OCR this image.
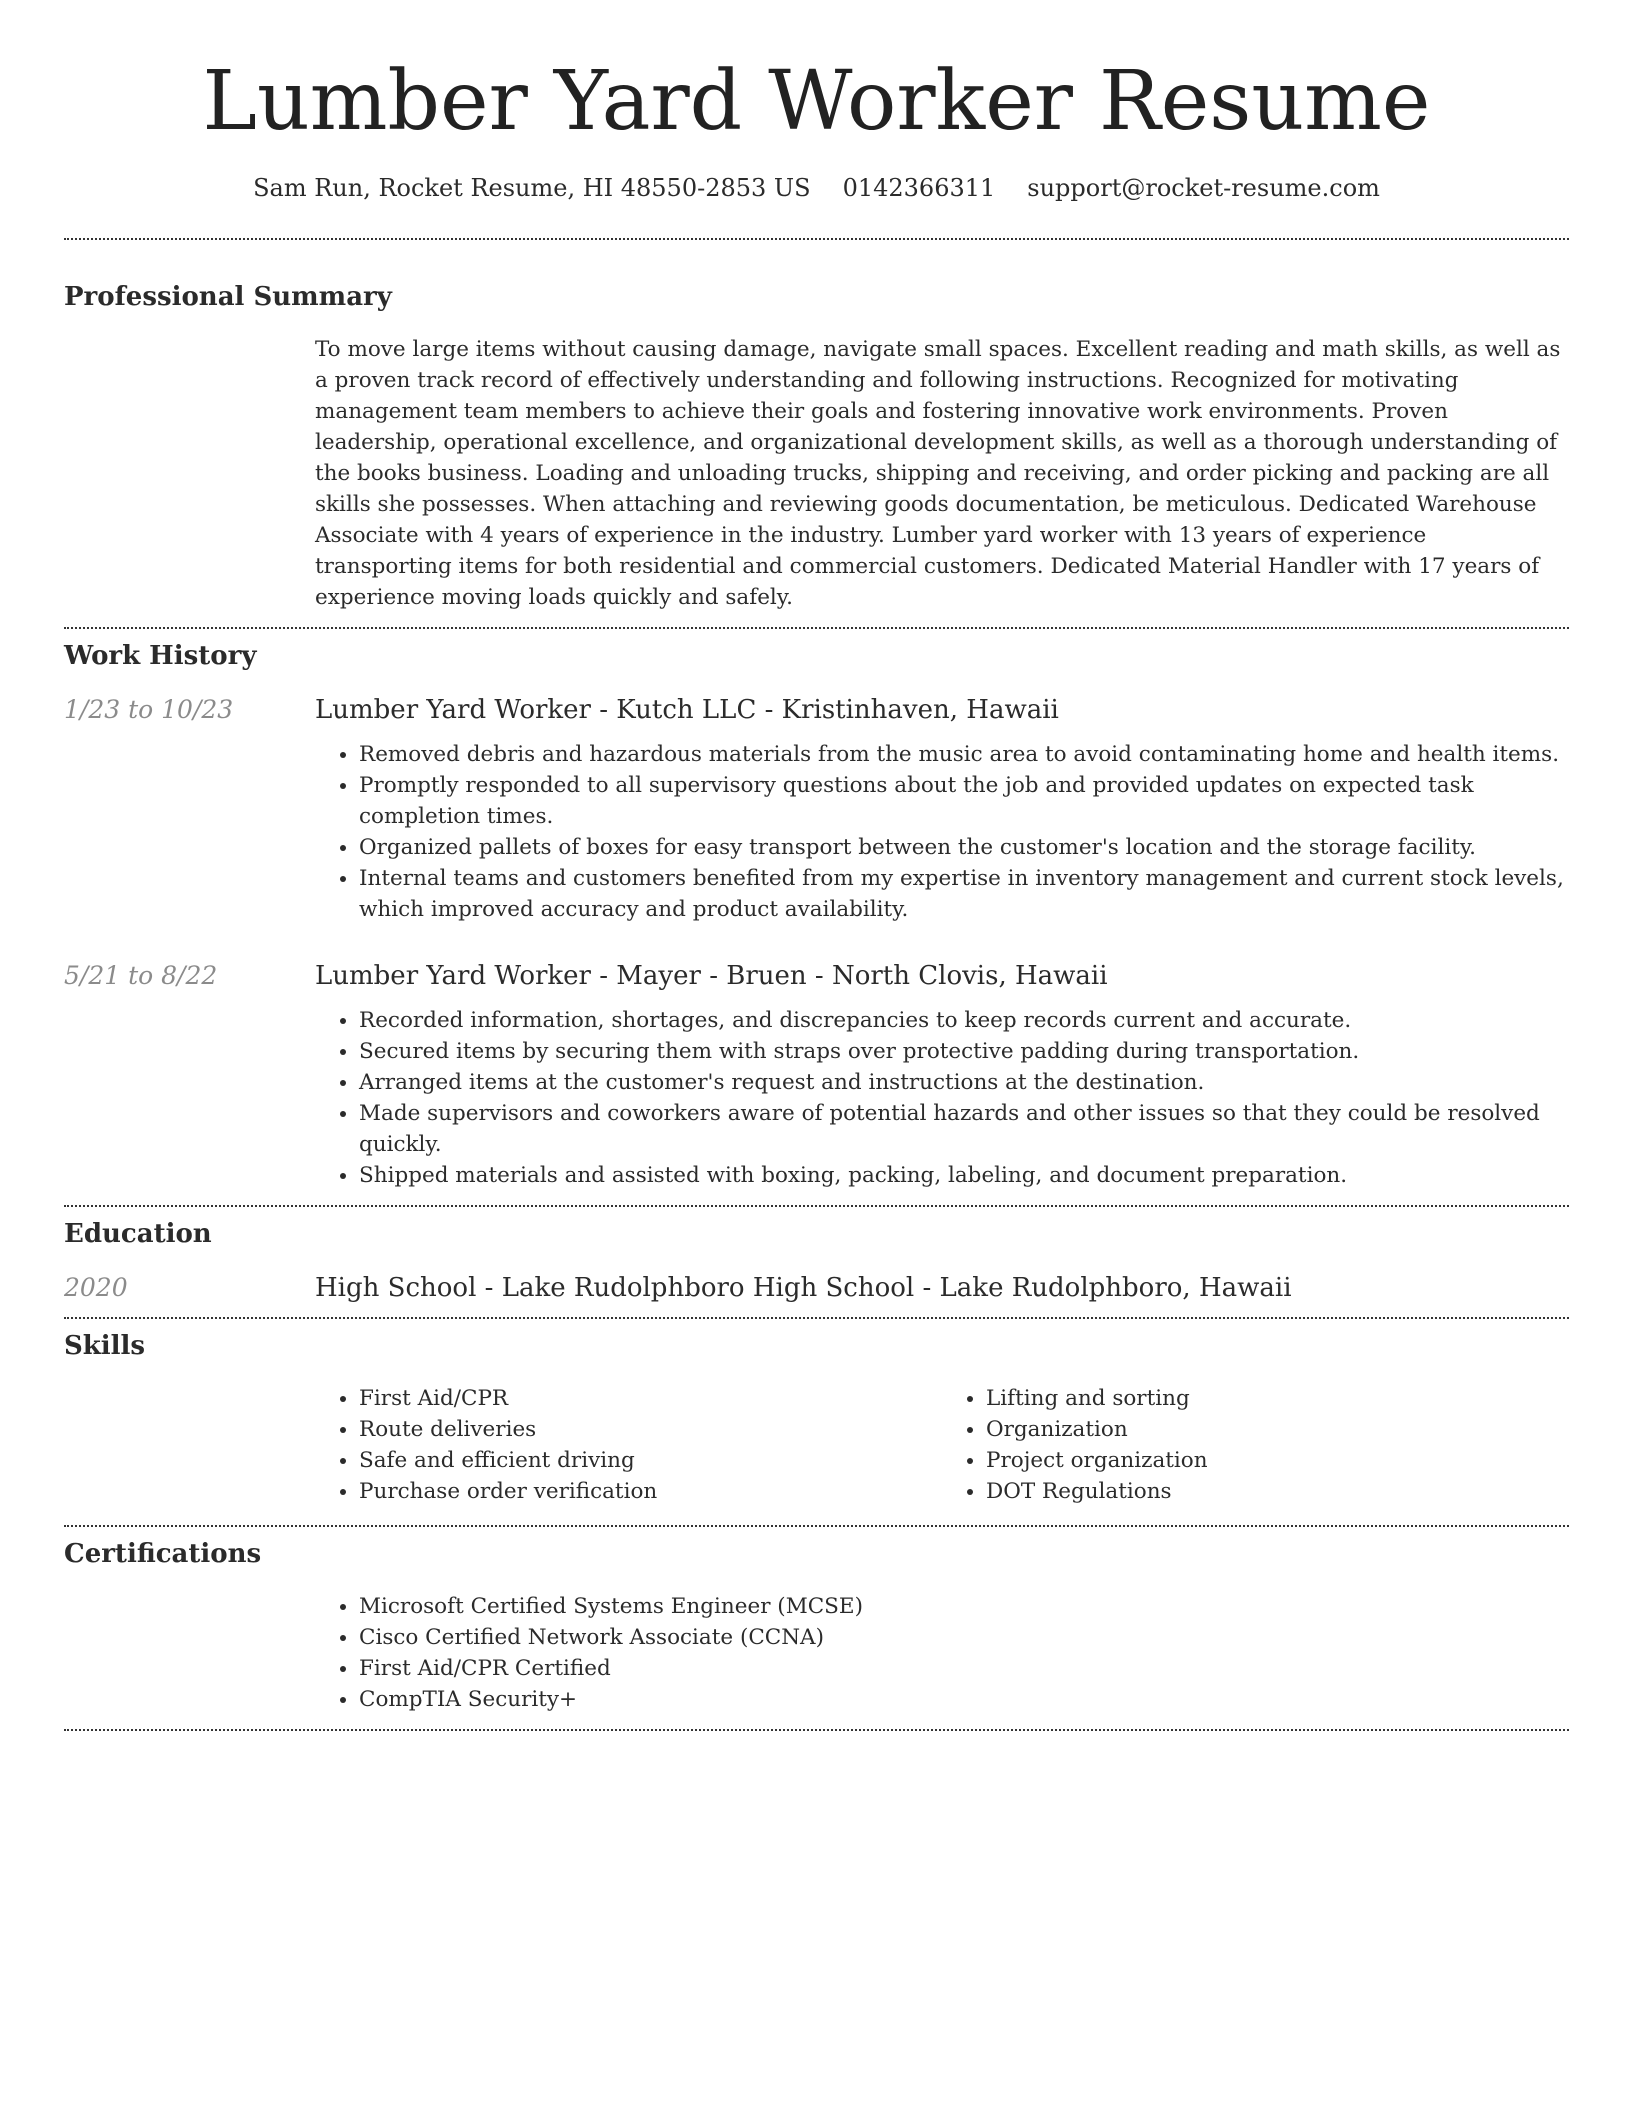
Lumber Yard Worker Resume
Sam Run, Rocket Resume, HI 48550-2853 US 0142366311 support@rocket-resume.com
Professional Summary
To move large items without causing damage, navigate small spaces. Excellent reading and math skills, as well as a proven track record of effectively understanding and following instructions. Recognized for motivating management team members to achieve their goals and fostering innovative work environments. Proven leadership, operational excellence, and organizational development skills, as well as a thorough understanding of the books business. Loading and unloading trucks, shipping and receiving, and order picking and packing are all skills she possesses. When attaching and reviewing goods documentation, be meticulous. Dedicated Warehouse Associate with 4 years of experience in the industry. Lumber yard worker with 13 years of experience transporting items for both residential and commercial customers. Dedicated Material Handler with 17 years of experience moving loads quickly and safely.
Work History
1/23 to 10/23	Lumber Yard Worker - Kutch LLC - Kristinhaven, Hawaii
• Removed debris and hazardous materials from the music area to avoid contaminating home and health items.
• Promptly responded to all supervisory questions about the job and provided updates on expected task completion times.
• Organized pallets of boxes for easy transport between the customer's location and the storage facility.
• Internal teams and customers benefited from my expertise in inventory management and current stock levels, which improved accuracy and product availability.
5/21 to 8/22	Lumber Yard Worker - Mayer - Bruen - North Clovis, Hawaii
• Recorded information, shortages, and discrepancies to keep records current and accurate.
• Secured items by securing them with straps over protective padding during transportation.
• Arranged items at the customer's request and instructions at the destination.
• Made supervisors and coworkers aware of potential hazards and other issues so that they could be resolved quickly.
• Shipped materials and assisted with boxing, packing, labeling, and document preparation.
Education
2020	High School - Lake Rudolphboro High School - Lake Rudolphboro, Hawaii
Skills
• First Aid/CPR
• Route deliveries
• Safe and efficient driving
• Purchase order verification
• Lifting and sorting
• Organization
• Project organization
• DOT Regulations
Certifications
• Microsoft Certified Systems Engineer (MCSE)
• Cisco Certified Network Associate (CCNA)
• First Aid/CPR Certified
• CompTIA Security+
